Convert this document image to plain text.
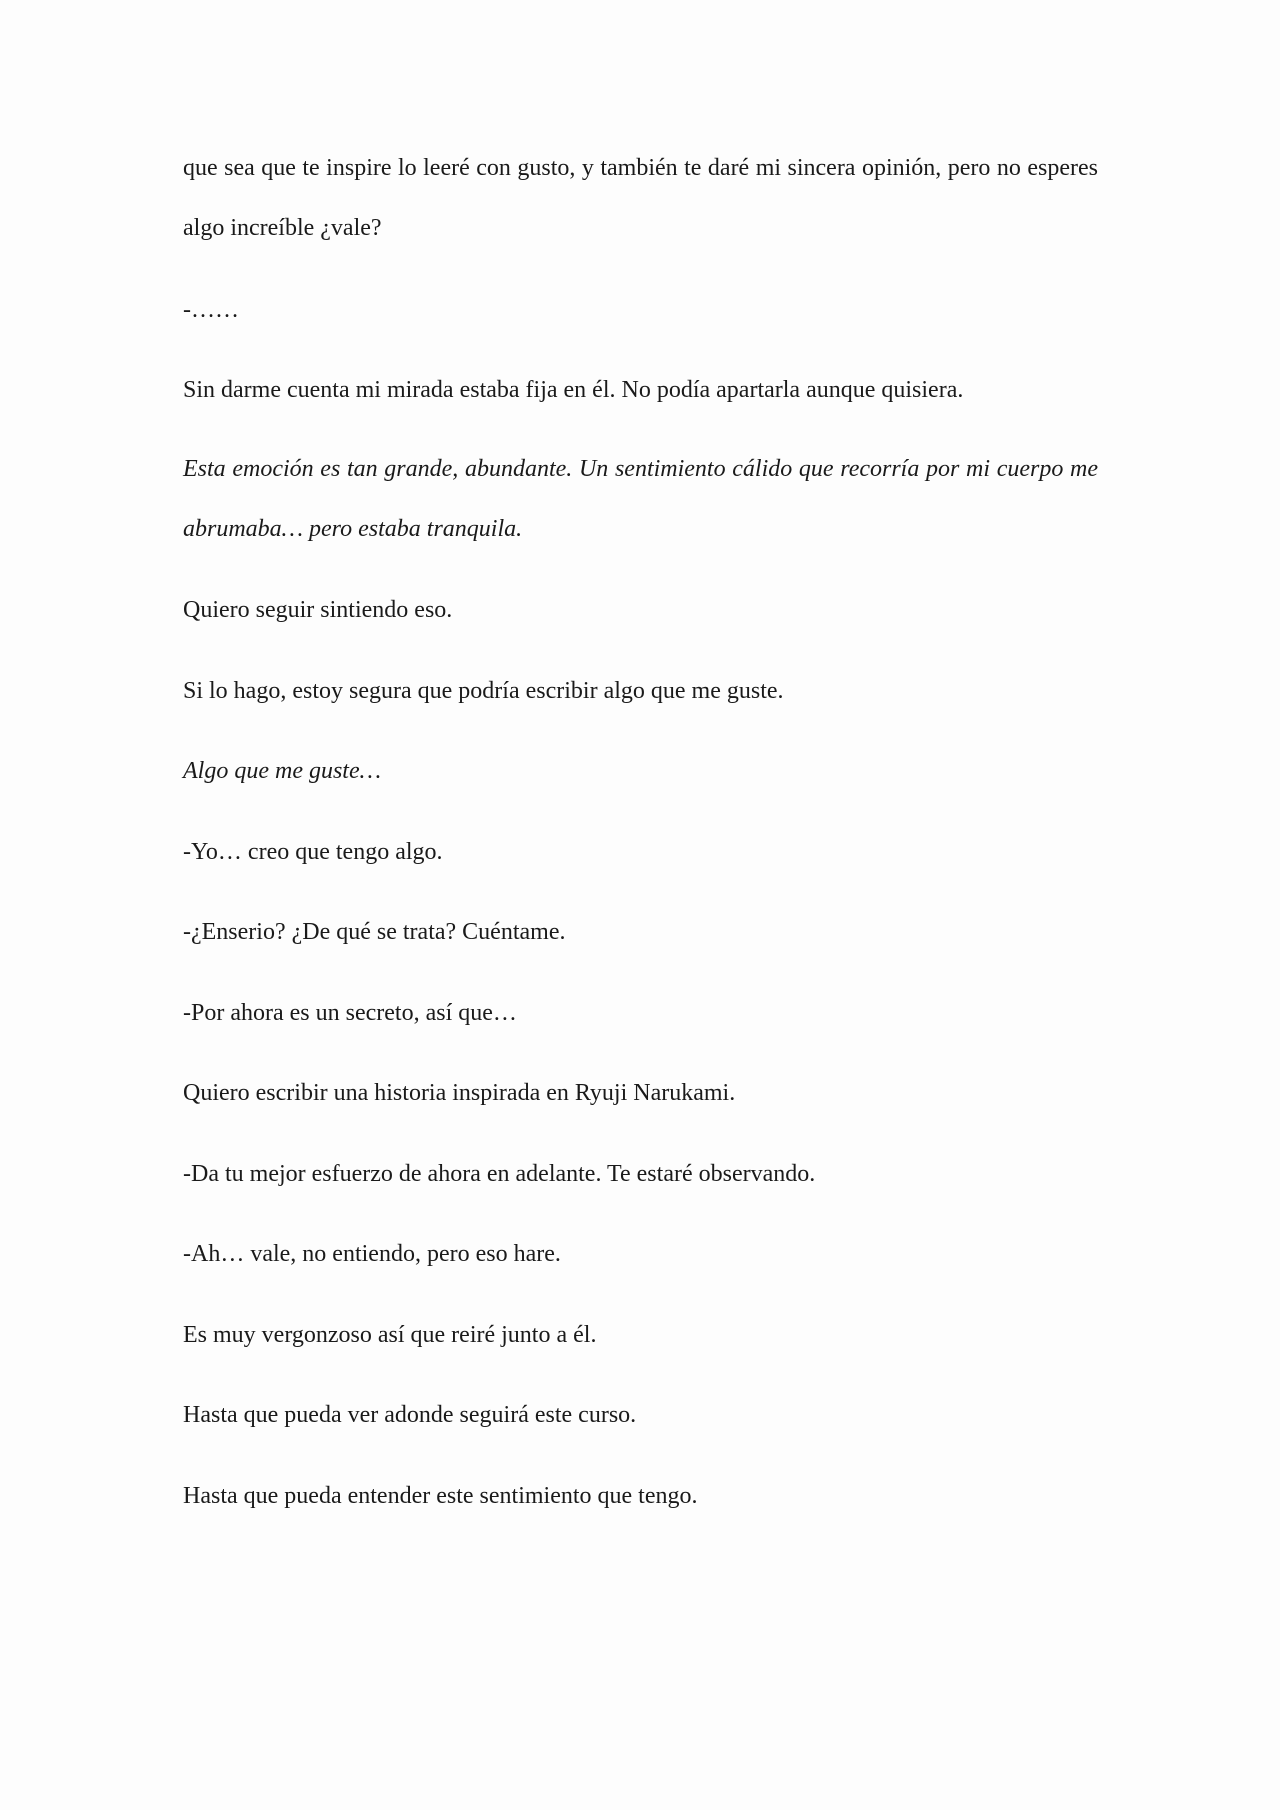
que sea que te inspire lo leeré con gusto, y también te daré mi sincera opinión, pero no esperes algo increíble ¿vale?

-……

Sin darme cuenta mi mirada estaba fija en él. No podía apartarla aunque quisiera.

Esta emoción es tan grande, abundante. Un sentimiento cálido que recorría por mi cuerpo me abrumaba… pero estaba tranquila.

Quiero seguir sintiendo eso.

Si lo hago, estoy segura que podría escribir algo que me guste.

Algo que me guste…

-Yo… creo que tengo algo.

-¿Enserio? ¿De qué se trata? Cuéntame.

-Por ahora es un secreto, así que…

Quiero escribir una historia inspirada en Ryuji Narukami.

-Da tu mejor esfuerzo de ahora en adelante. Te estaré observando.

-Ah… vale, no entiendo, pero eso hare.

Es muy vergonzoso así que reiré junto a él.

Hasta que pueda ver adonde seguirá este curso.

Hasta que pueda entender este sentimiento que tengo.
